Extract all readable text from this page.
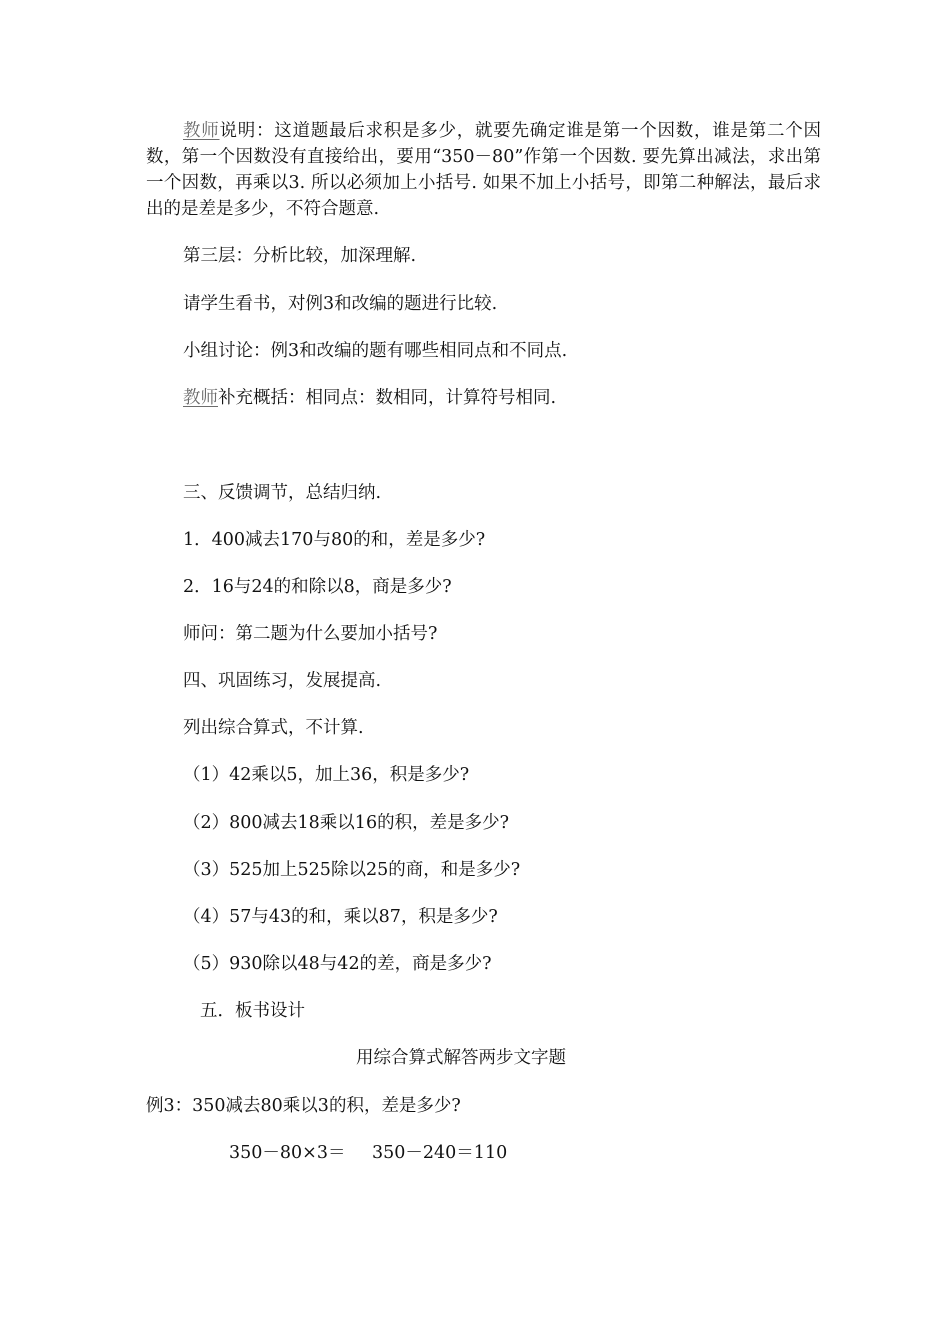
教师说明：这道题最后求积是多少，就要先确定谁是第一个因数，谁是第二个因数，第一个因数没有直接给出，要用“350－80”作第一个因数. 要先算出减法，求出第一个因数，再乘以3. 所以必须加上小括号. 如果不加上小括号，即第二种解法，最后求出的是差是多少，不符合题意.
第三层：分析比较，加深理解.
请学生看书，对例3和改编的题进行比较.
小组讨论：例3和改编的题有哪些相同点和不同点.
教师补充概括：相同点：数相同，计算符号相同.
三、反馈调节，总结归纳.
1．400减去170与80的和，差是多少?
2．16与24的和除以8，商是多少?
师问：第二题为什么要加小括号?
四、巩固练习，发展提高.
列出综合算式，不计算.
（1）42乘以5，加上36，积是多少?
（2）800减去18乘以16的积，差是多少?
（3）525加上525除以25的商，和是多少?
（4）57与43的和，乘以87，积是多少?
（5）930除以48与42的差，商是多少?
五．板书设计
用综合算式解答两步文字题
例3：350减去80乘以3的积，差是多少?
350－80×3＝ 350－240＝110
